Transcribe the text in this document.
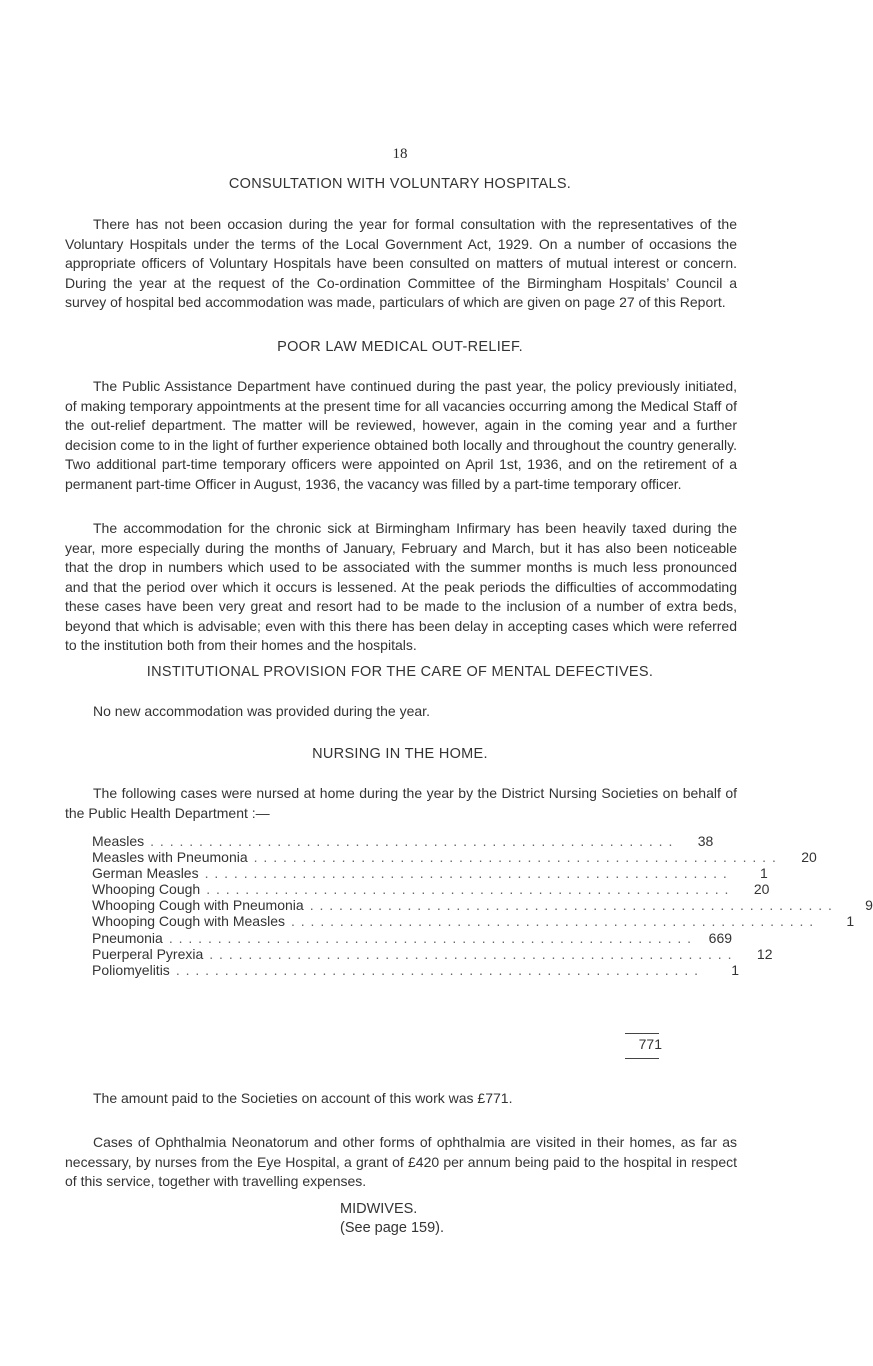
18
CONSULTATION WITH VOLUNTARY HOSPITALS.

There has not been occasion during the year for formal consultation with the representatives of the Voluntary Hospitals under the terms of the Local Government Act, 1929. On a number of occasions the appropriate officers of Voluntary Hospitals have been consulted on matters of mutual interest or concern. During the year at the request of the Co-ordination Committee of the Birmingham Hospitals’ Council a survey of hospital bed accommodation was made, particulars of which are given on page 27 of this Report.

POOR LAW MEDICAL OUT-RELIEF.

The Public Assistance Department have continued during the past year, the policy previously initiated, of making temporary appointments at the present time for all vacancies occurring among the Medical Staff of the out-relief department. The matter will be reviewed, however, again in the coming year and a further decision come to in the light of further experience obtained both locally and throughout the country generally. Two additional part-time temporary officers were appointed on April 1st, 1936, and on the retirement of a permanent part-time Officer in August, 1936, the vacancy was filled by a part-time temporary officer.

The accommodation for the chronic sick at Birmingham Infirmary has been heavily taxed during the year, more especially during the months of January, February and March, but it has also been noticeable that the drop in numbers which used to be associated with the summer months is much less pronounced and that the period over which it occurs is lessened. At the peak periods the difficulties of accommodating these cases have been very great and resort had to be made to the inclusion of a number of extra beds, beyond that which is advisable; even with this there has been delay in accepting cases which were referred to the institution both from their homes and the hospitals.

INSTITUTIONAL PROVISION FOR THE CARE OF MENTAL DEFECTIVES.

No new accommodation was provided during the year.

NURSING IN THE HOME.

The following cases were nursed at home during the year by the District Nursing Societies on behalf of the Public Health Department :—

Measles . . . . . . . . . . . . . . . . . . . . . . . . . . . . . . . . . . . . . . . . . . . . . . . . . . . . . .	38
Measles with Pneumonia . . . . . . . . . . . . . . . . . . . . . . . . . . . . . . . . . . . . . . . . . . . . . . . . . . . . . .	20
German Measles . . . . . . . . . . . . . . . . . . . . . . . . . . . . . . . . . . . . . . . . . . . . . . . . . . . . . .	1
Whooping Cough . . . . . . . . . . . . . . . . . . . . . . . . . . . . . . . . . . . . . . . . . . . . . . . . . . . . . .	20
Whooping Cough with Pneumonia . . . . . . . . . . . . . . . . . . . . . . . . . . . . . . . . . . . . . . . . . . . . . . . . . . . . . .	9
Whooping Cough with Measles . . . . . . . . . . . . . . . . . . . . . . . . . . . . . . . . . . . . . . . . . . . . . . . . . . . . . .	1
Pneumonia . . . . . . . . . . . . . . . . . . . . . . . . . . . . . . . . . . . . . . . . . . . . . . . . . . . . . .	669
Puerperal Pyrexia . . . . . . . . . . . . . . . . . . . . . . . . . . . . . . . . . . . . . . . . . . . . . . . . . . . . . .	12
Poliomyelitis . . . . . . . . . . . . . . . . . . . . . . . . . . . . . . . . . . . . . . . . . . . . . . . . . . . . . .	1
771

The amount paid to the Societies on account of this work was £771.

Cases of Ophthalmia Neonatorum and other forms of ophthalmia are visited in their homes, as far as necessary, by nurses from the Eye Hospital, a grant of £420 per annum being paid to the hospital in respect of this service, together with travelling expenses.

MIDWIVES.
(See page 159).
